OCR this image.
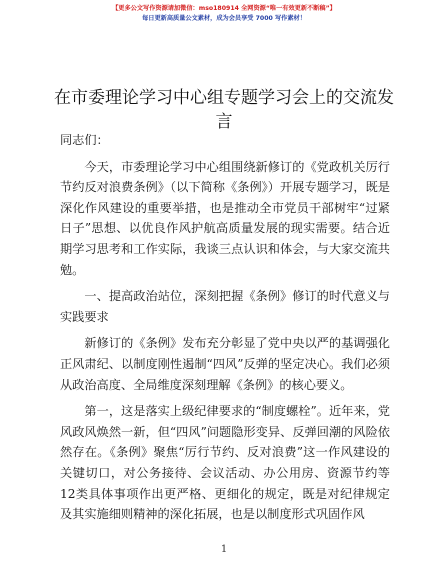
【更多公文写作资源请加微信：mso180914 全网资源“唯一有效更新不断稿”】
每日更新高质量公文素材，成为会员享受 7000 写作素材！
在市委理论学习中心组专题学习会上的交流发言

同志们：

今天，市委理论学习中心组围绕新修订的《党政机关厉行节约反对浪费条例》（以下简称《条例》）开展专题学习，既是深化作风建设的重要举措，也是推动全市党员干部树牢“过紧日子”思想、以优良作风护航高质量发展的现实需要。结合近期学习思考和工作实际，我谈三点认识和体会，与大家交流共勉。

一、提高政治站位，深刻把握《条例》修订的时代意义与实践要求

新修订的《条例》发布充分彰显了党中央以严的基调强化正风肃纪、以制度刚性遏制“四风”反弹的坚定决心。我们必须从政治高度、全局维度深刻理解《条例》的核心要义。

第一，这是落实上级纪律要求的“制度螺栓”。近年来，党风政风焕然一新，但“四风”问题隐形变异、反弹回潮的风险依然存在。《条例》聚焦“厉行节约、反对浪费”这一作风建设的关键切口，对公务接待、会议活动、办公用房、资源节约等12类具体事项作出更严格、更细化的规定，既是对纪律规定及其实施细则精神的深化拓展，也是以制度形式巩固作风

1
